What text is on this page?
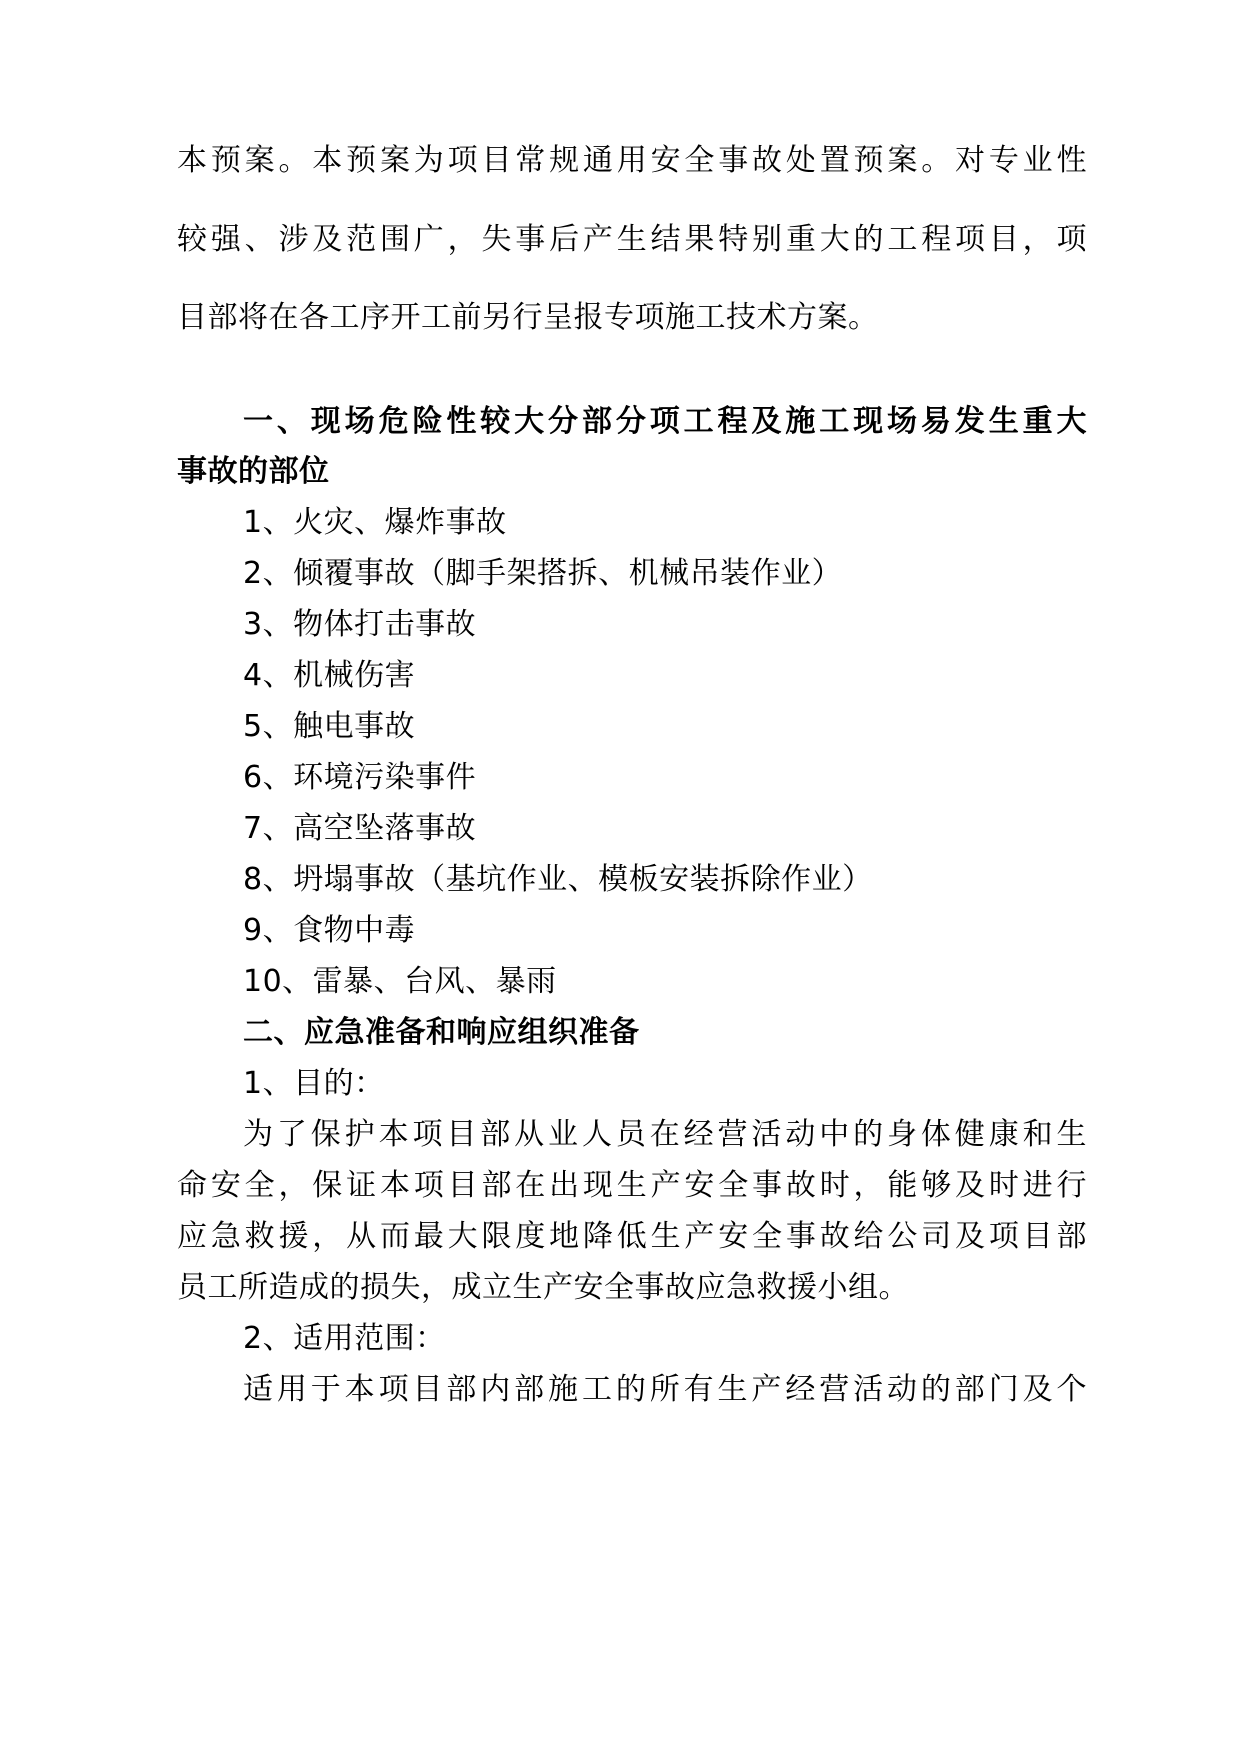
本预案。本预案为项目常规通用安全事故处置预案。对专业性
较强、涉及范围广，失事后产生结果特别重大的工程项目，项
目部将在各工序开工前另行呈报专项施工技术方案。
一、现场危险性较大分部分项工程及施工现场易发生重大
事故的部位
1、火灾、爆炸事故
2、倾覆事故（脚手架搭拆、机械吊装作业）
3、物体打击事故
4、机械伤害
5、触电事故
6、环境污染事件
7、高空坠落事故
8、坍塌事故（基坑作业、模板安装拆除作业）
9、食物中毒
10、雷暴、台风、暴雨
二、应急准备和响应组织准备
1、目的：
为了保护本项目部从业人员在经营活动中的身体健康和生
命安全，保证本项目部在出现生产安全事故时，能够及时进行
应急救援，从而最大限度地降低生产安全事故给公司及项目部
员工所造成的损失，成立生产安全事故应急救援小组。
2、适用范围：
适用于本项目部内部施工的所有生产经营活动的部门及个
